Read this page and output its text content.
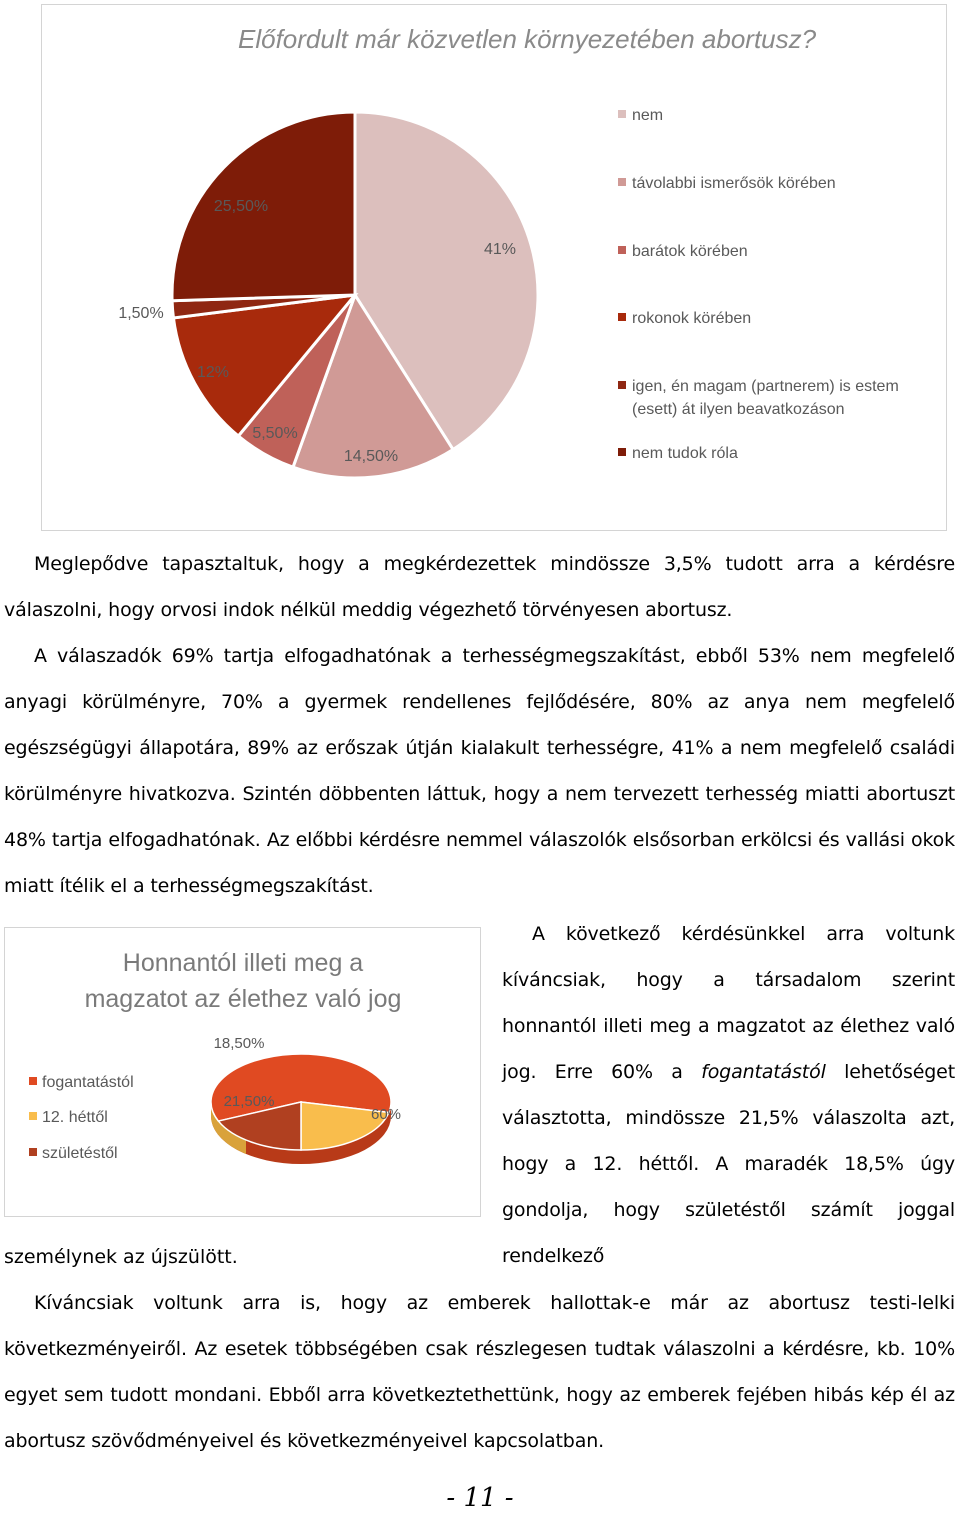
Előfordult már közvetlen környezetében abortusz?
41%
14,50%
5,50%
12%
1,50%
25,50%
nem
távolabbi ismerősök körében
barátok körében
rokonok körében
igen, én magam (partnerem) is estem
(esett) át ilyen beavatkozáson
nem tudok róla

Meglepődve tapasztaltuk, hogy a megkérdezettek mindössze 3,5% tudott arra a kérdésre válaszolni, hogy orvosi indok nélkül meddig végezhető törvényesen abortusz.

A válaszadók 69% tartja elfogadhatónak a terhességmegszakítást, ebből 53% nem megfelelő anyagi körülményre, 70% a gyermek rendellenes fejlődésére, 80% az anya nem megfelelő egészségügyi állapotára, 89% az erőszak útján kialakult terhességre, 41% a nem megfelelő családi körülményre hivatkozva. Szintén döbbenten láttuk, hogy a nem tervezett terhesség miatti abortuszt 48% tartja elfogadhatónak. Az előbbi kérdésre nemmel válaszolók elsősorban erkölcsi és vallási okok miatt ítélik el a terhességmegszakítást.

Honnantól illeti meg a
magzatot az élethez való jog
60%
21,50%
18,50%
fogantatástól
12. héttől
születéstől

A következő kérdésünkkel arra voltunk kíváncsiak, hogy a társadalom szerint honnantól illeti meg a magzatot az élethez való jog. Erre 60% a fogantatástól lehetőséget választotta, mindössze 21,5% válaszolta azt, hogy a 12. héttől. A maradék 18,5% úgy gondolja, hogy születéstől számít joggal rendelkező

személynek az újszülött.

Kíváncsiak voltunk arra is, hogy az emberek hallottak-e már az abortusz testi-lelki következményeiről. Az esetek többségében csak részlegesen tudtak válaszolni a kérdésre, kb. 10% egyet sem tudott mondani. Ebből arra következtethettünk, hogy az emberek fejében hibás kép él az abortusz szövődményeivel és következményeivel kapcsolatban.

- 11 -
